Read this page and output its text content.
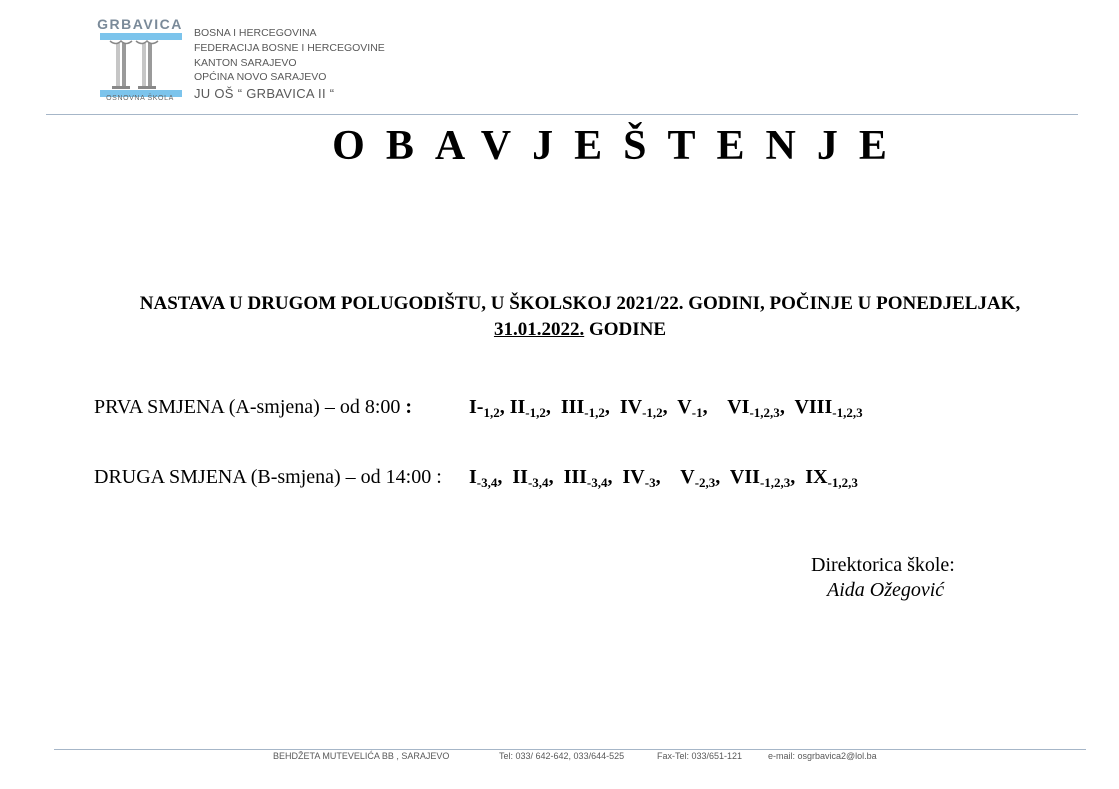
GRBAVICA
OSNOVNA ŠKOLA
BOSNA I HERCEGOVINA
FEDERACIJA BOSNE I HERCEGOVINE
KANTON SARAJEVO
OPĆINA NOVO SARAJEVO
JU OŠ “ GRBAVICA II “
OBAVJEŠTENJE
NASTAVA U DRUGOM POLUGODIŠTU, U ŠKOLSKOJ 2021/22. GODINI, POČINJE U PONEDJELJAK,
31.01.2022. GODINE
PRVA SMJENA (A-smjena) – od 8:00 :	$I-_{1,2}$, $II_{-1,2}$,  $III_{-1,2}$,  $IV_{-1,2}$,  $V_{-1}$,    $VI_{-1,2,3}$,  $VIII_{-1,2,3}$
DRUGA SMJENA (B-smjena) – od 14:00 : $I_{-3,4}$,  $II_{-3,4}$,  $III_{-3,4}$,  $IV_{-3}$,    $V_{-2,3}$,  $VII_{-1,2,3}$,  $IX_{-1,2,3}$
Direktorica škole:
Aida Ožegović
BEHDŽETA MUTEVELIĆA BB , SARAJEVO	Tel: 033/ 642-642, 033/644-525	Fax-Tel: 033/651-121	e-mail: osgrbavica2@lol.ba
